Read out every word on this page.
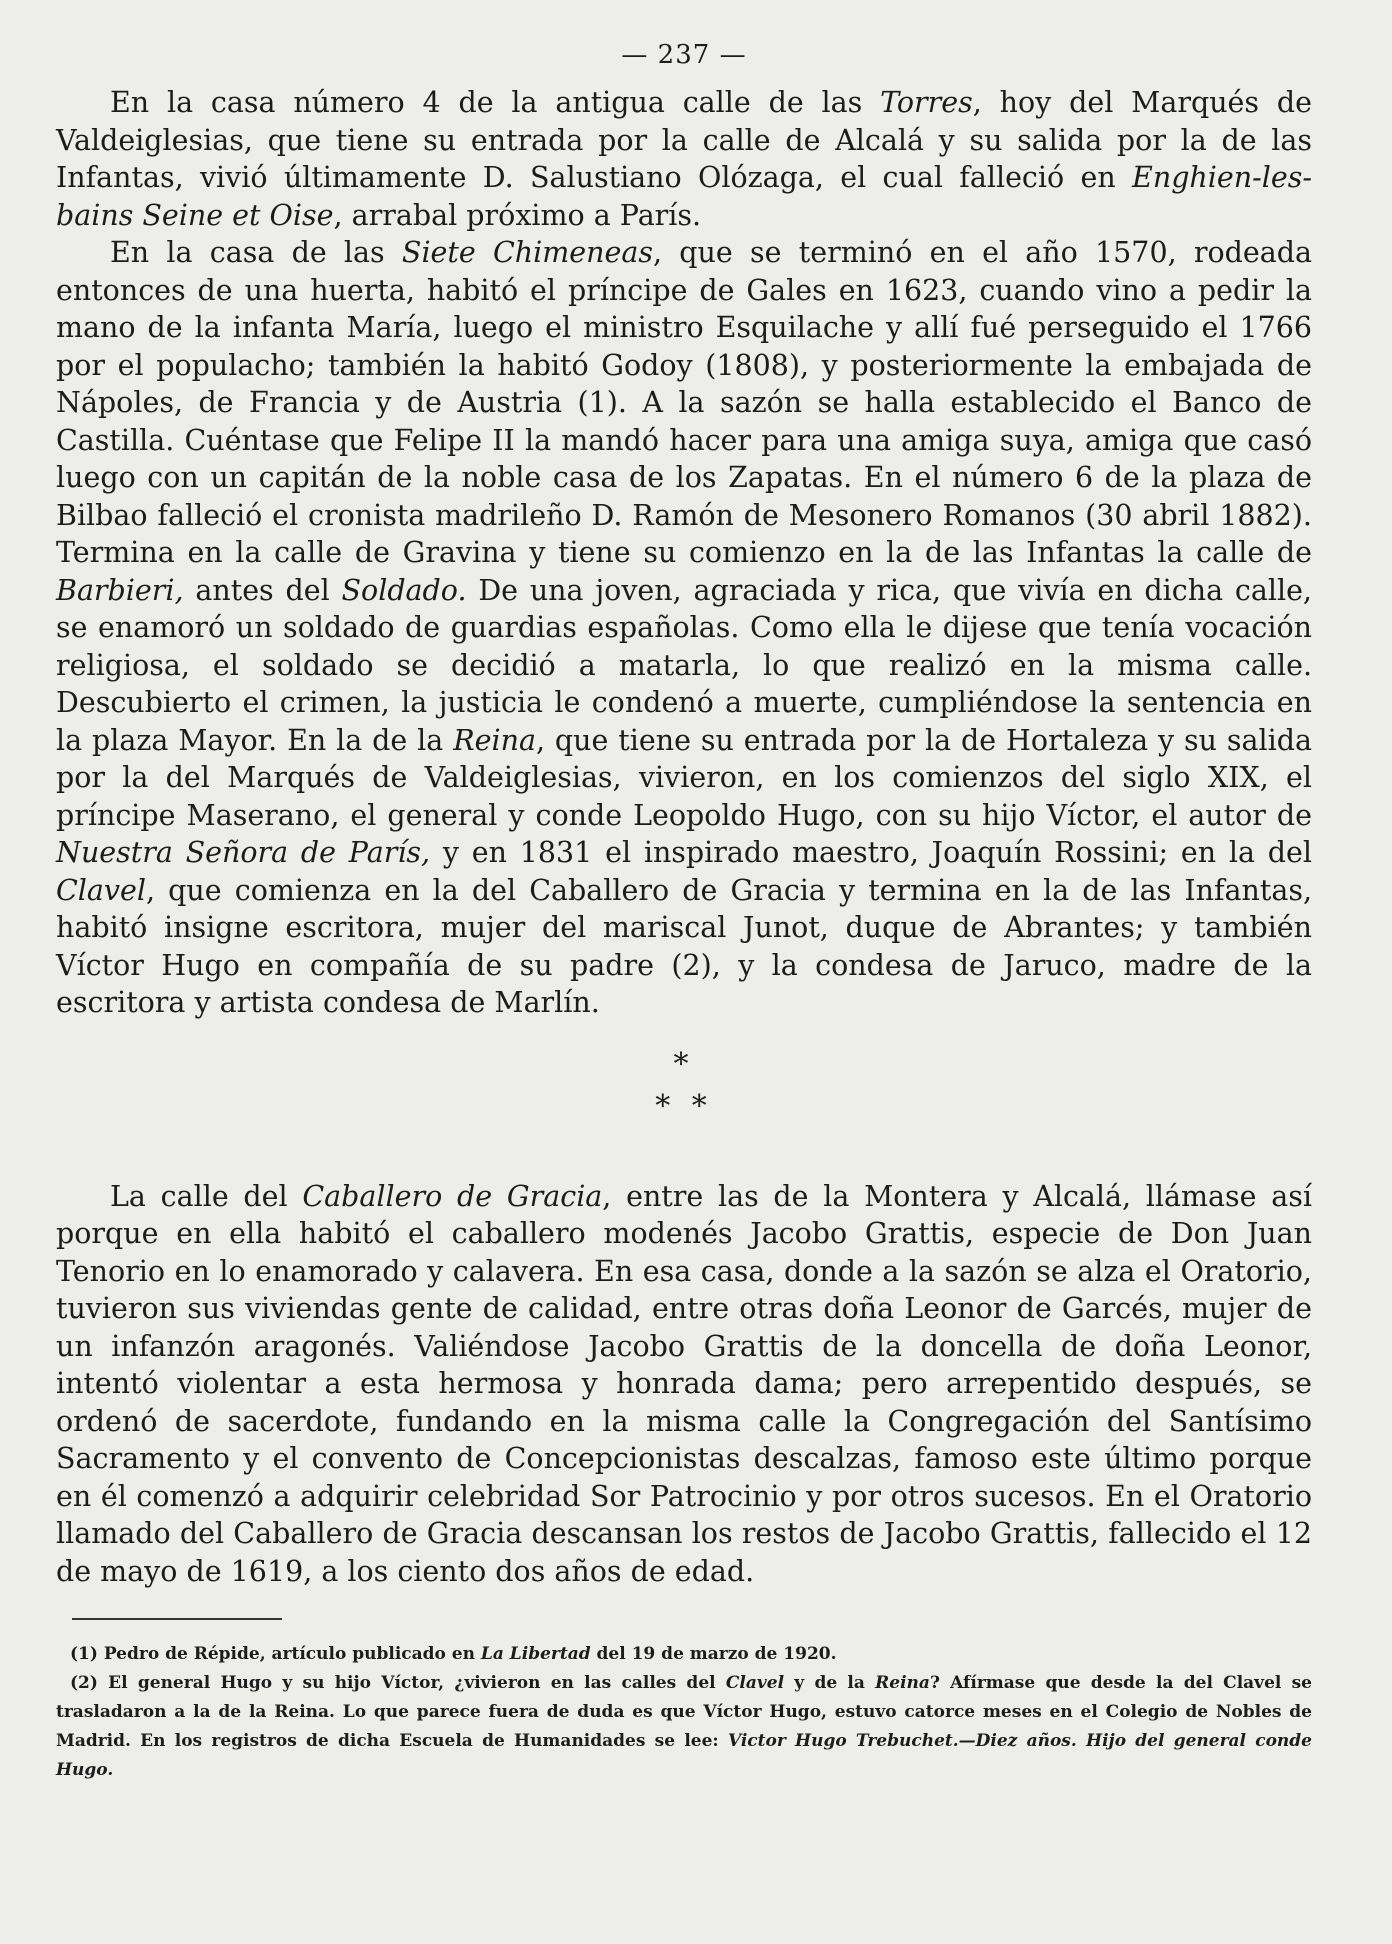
— 237 —

En la casa número 4 de la antigua calle de las Torres, hoy del Marqués de Valdeiglesias, que tiene su entrada por la calle de Alcalá y su salida por la de las Infantas, vivió últimamente D. Salustiano Olózaga, el cual falleció en Enghien-les-bains Seine et Oise, arrabal próximo a París.

En la casa de las Siete Chimeneas, que se terminó en el año 1570, rodeada entonces de una huerta, habitó el príncipe de Gales en 1623, cuando vino a pedir la mano de la infanta María, luego el ministro Esquilache y allí fué perseguido el 1766 por el populacho; también la habitó Godoy (1808), y posteriormente la embajada de Nápoles, de Francia y de Austria (1). A la sazón se halla establecido el Banco de Castilla. Cuéntase que Felipe II la mandó hacer para una amiga suya, amiga que casó luego con un capitán de la noble casa de los Zapatas. En el número 6 de la plaza de Bilbao falleció el cronista madrileño D. Ramón de Mesonero Romanos (30 abril 1882). Termina en la calle de Gravina y tiene su comienzo en la de las Infantas la calle de Barbieri, antes del Soldado. De una joven, agraciada y rica, que vivía en dicha calle, se enamoró un soldado de guardias españolas. Como ella le dijese que tenía vocación religiosa, el soldado se decidió a matarla, lo que realizó en la misma calle. Descubierto el crimen, la justicia le condenó a muerte, cumpliéndose la sentencia en la plaza Mayor. En la de la Reina, que tiene su entrada por la de Hortaleza y su salida por la del Marqués de Valdeiglesias, vivieron, en los comienzos del siglo XIX, el príncipe Maserano, el general y conde Leopoldo Hugo, con su hijo Víctor, el autor de Nuestra Señora de París, y en 1831 el inspirado maestro, Joaquín Rossini; en la del Clavel, que comienza en la del Caballero de Gracia y termina en la de las Infantas, habitó insigne escritora, mujer del mariscal Junot, duque de Abrantes; y también Víctor Hugo en compañía de su padre (2), y la condesa de Jaruco, madre de la escritora y artista condesa de Marlín.

*
* *

La calle del Caballero de Gracia, entre las de la Montera y Alcalá, llámase así porque en ella habitó el caballero modenés Jacobo Grattis, especie de Don Juan Tenorio en lo enamorado y calavera. En esa casa, donde a la sazón se alza el Oratorio, tuvieron sus viviendas gente de calidad, entre otras doña Leonor de Garcés, mujer de un infanzón aragonés. Valiéndose Jacobo Grattis de la doncella de doña Leonor, intentó violentar a esta hermosa y honrada dama; pero arrepentido después, se ordenó de sacerdote, fundando en la misma calle la Congregación del Santísimo Sacramento y el convento de Concepcionistas descalzas, famoso este último porque en él comenzó a adquirir celebridad Sor Patrocinio y por otros sucesos. En el Oratorio llamado del Caballero de Gracia descansan los restos de Jacobo Grattis, fallecido el 12 de mayo de 1619, a los ciento dos años de edad.

(1) Pedro de Répide, artículo publicado en La Libertad del 19 de marzo de 1920.

(2) El general Hugo y su hijo Víctor, ¿vivieron en las calles del Clavel y de la Reina? Afírmase que desde la del Clavel se trasladaron a la de la Reina. Lo que parece fuera de duda es que Víctor Hugo, estuvo catorce meses en el Colegio de Nobles de Madrid. En los registros de dicha Escuela de Humanidades se lee: Victor Hugo Trebuchet.—Diez años. Hijo del general conde Hugo.
